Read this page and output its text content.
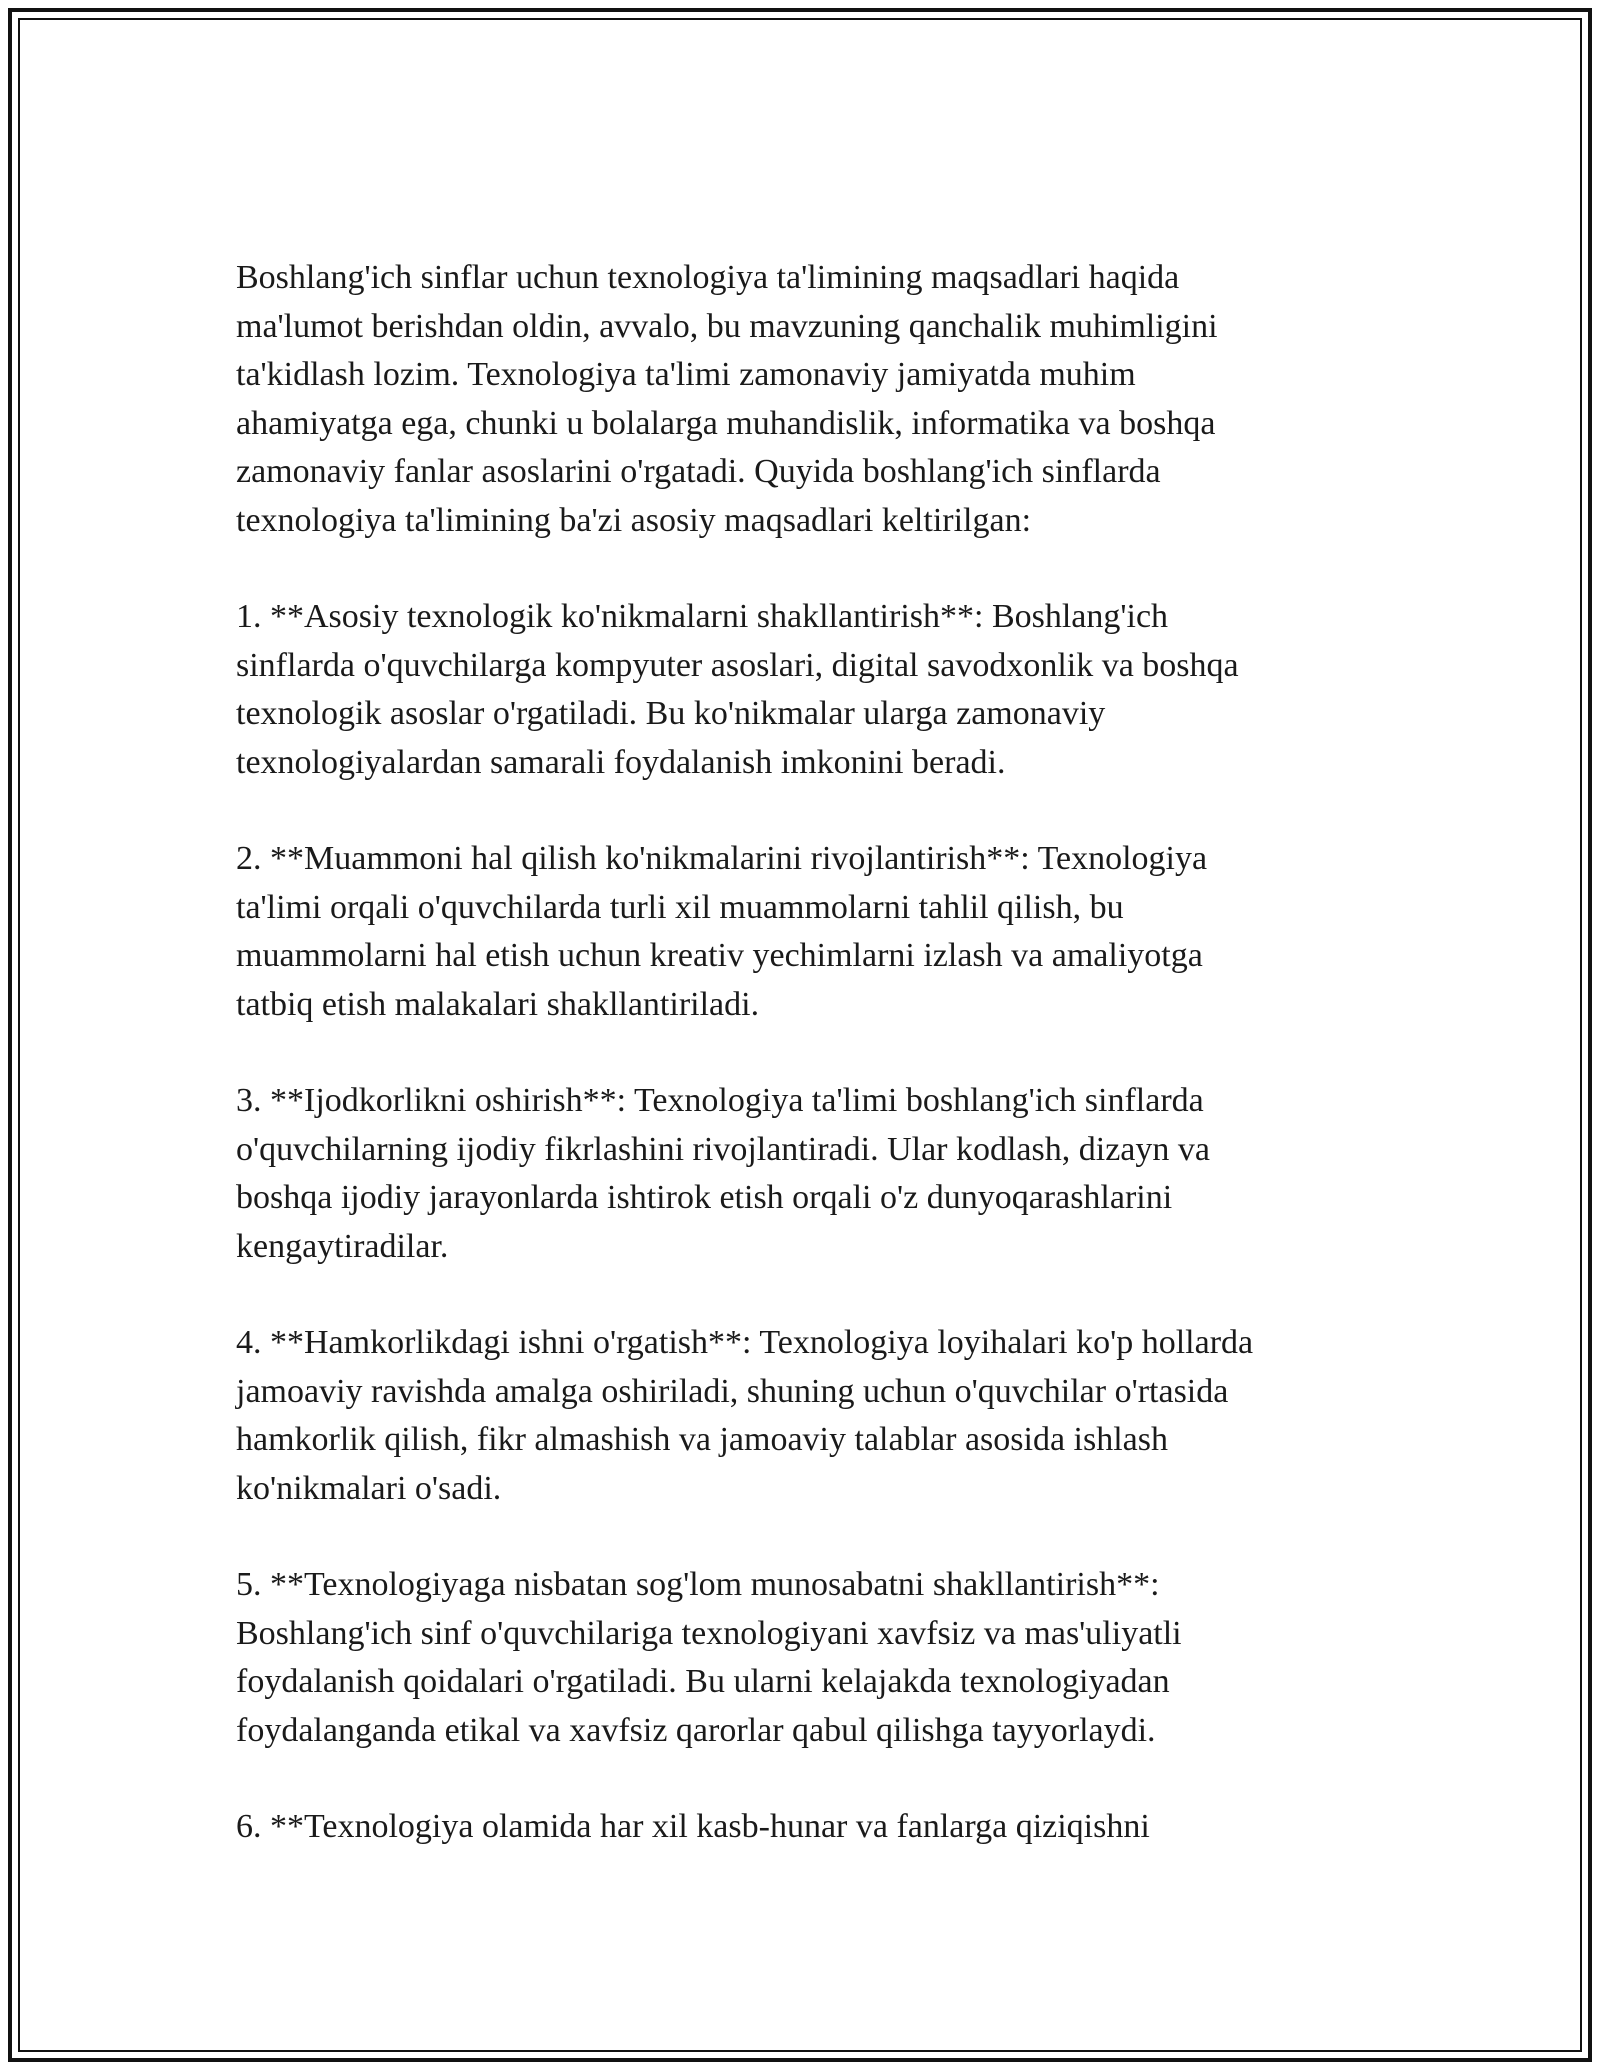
Boshlang'ich sinflar uchun texnologiya ta'limining maqsadlari haqida
ma'lumot berishdan oldin, avvalo, bu mavzuning qanchalik muhimligini
ta'kidlash lozim. Texnologiya ta'limi zamonaviy jamiyatda muhim
ahamiyatga ega, chunki u bolalarga muhandislik, informatika va boshqa
zamonaviy fanlar asoslarini o'rgatadi. Quyida boshlang'ich sinflarda
texnologiya ta'limining ba'zi asosiy maqsadlari keltirilgan:

1. **Asosiy texnologik ko'nikmalarni shakllantirish**: Boshlang'ich
sinflarda o'quvchilarga kompyuter asoslari, digital savodxonlik va boshqa
texnologik asoslar o'rgatiladi. Bu ko'nikmalar ularga zamonaviy
texnologiyalardan samarali foydalanish imkonini beradi.

2. **Muammoni hal qilish ko'nikmalarini rivojlantirish**: Texnologiya
ta'limi orqali o'quvchilarda turli xil muammolarni tahlil qilish, bu
muammolarni hal etish uchun kreativ yechimlarni izlash va amaliyotga
tatbiq etish malakalari shakllantiriladi.

3. **Ijodkorlikni oshirish**: Texnologiya ta'limi boshlang'ich sinflarda
o'quvchilarning ijodiy fikrlashini rivojlantiradi. Ular kodlash, dizayn va
boshqa ijodiy jarayonlarda ishtirok etish orqali o'z dunyoqarashlarini
kengaytiradilar.

4. **Hamkorlikdagi ishni o'rgatish**: Texnologiya loyihalari ko'p hollarda
jamoaviy ravishda amalga oshiriladi, shuning uchun o'quvchilar o'rtasida
hamkorlik qilish, fikr almashish va jamoaviy talablar asosida ishlash
ko'nikmalari o'sadi.

5. **Texnologiyaga nisbatan sog'lom munosabatni shakllantirish**:
Boshlang'ich sinf o'quvchilariga texnologiyani xavfsiz va mas'uliyatli
foydalanish qoidalari o'rgatiladi. Bu ularni kelajakda texnologiyadan
foydalanganda etikal va xavfsiz qarorlar qabul qilishga tayyorlaydi.

6. **Texnologiya olamida har xil kasb-hunar va fanlarga qiziqishni
